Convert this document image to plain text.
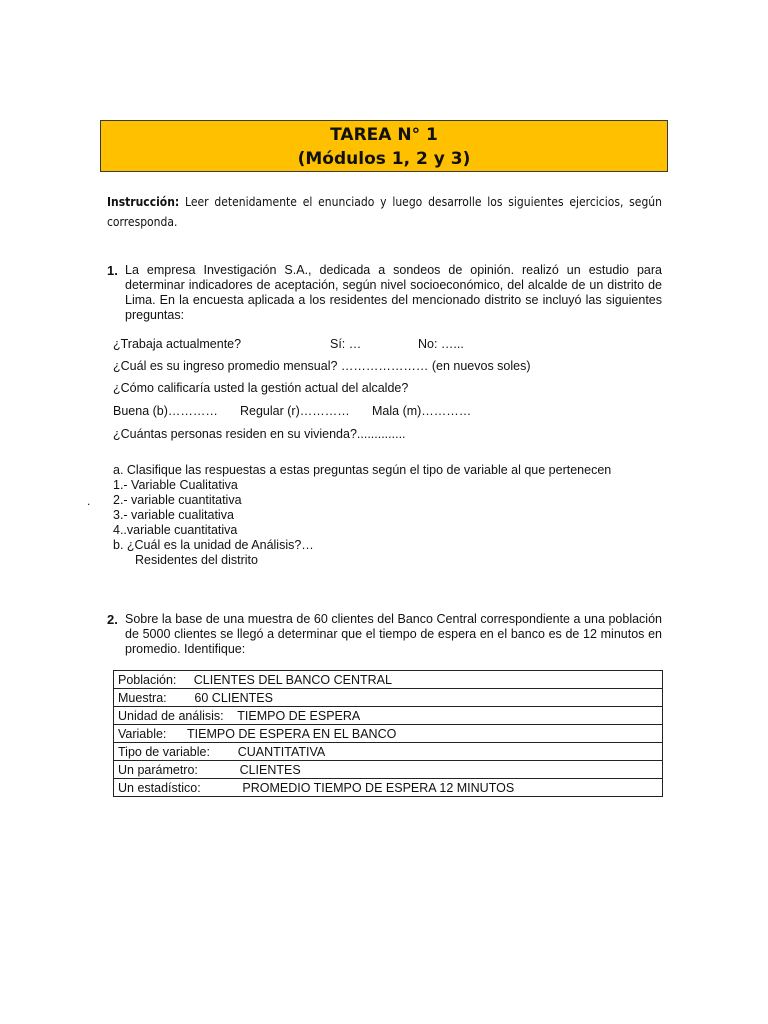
TAREA N° 1
(Módulos 1, 2 y 3)
Instrucción: Leer detenidamente el enunciado y luego desarrolle los siguientes ejercicios, según corresponda.
1. La empresa Investigación S.A., dedicada a sondeos de opinión. realizó un estudio para determinar indicadores de aceptación, según nivel socioeconómico, del alcalde de un distrito de Lima. En la encuesta aplicada a los residentes del mencionado distrito se incluyó las siguientes preguntas:
¿Trabaja actualmente?	Sí: …	No: …...
¿Cuál es su ingreso promedio mensual? ………………… (en nuevos soles)
¿Cómo calificaría usted la gestión actual del alcalde?
Buena (b)………… Regular (r)………… Mala (m)…………
¿Cuántas personas residen en su vivienda?..............
a. Clasifique las respuestas a estas preguntas según el tipo de variable al que pertenecen
.
1.- Variable Cualitativa
2.- variable cuantitativa
3.- variable cualitativa
4..variable cuantitativa
b. ¿Cuál es la unidad de Análisis?…
Residentes del distrito
2. Sobre la base de una muestra de 60 clientes del Banco Central correspondiente a una población de 5000 clientes se llegó a determinar que el tiempo de espera en el banco es de 12 minutos en promedio. Identifique:
Población:     CLIENTES DEL BANCO CENTRAL
Muestra:        60 CLIENTES
Unidad de análisis:    TIEMPO DE ESPERA
Variable:      TIEMPO DE ESPERA EN EL BANCO
Tipo de variable:        CUANTITATIVA
Un parámetro:            CLIENTES
Un estadístico:            PROMEDIO TIEMPO DE ESPERA 12 MINUTOS
